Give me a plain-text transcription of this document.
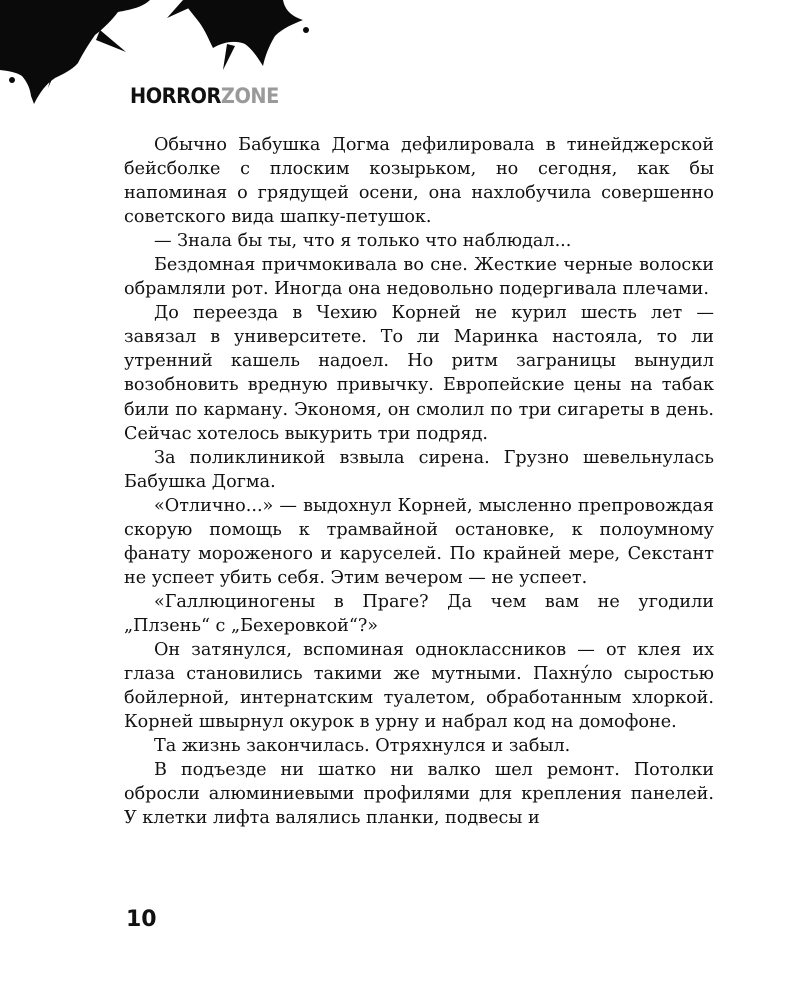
HORRORZONE

Обычно Бабушка Догма дефилировала в тинейджерской бейсболке с плоским козырьком, но сегодня, как бы напоминая о грядущей осени, она нахлобучила совершенно советского вида шапку-петушок.

— Знала бы ты, что я только что наблюдал...

Бездомная причмокивала во сне. Жесткие черные волоски обрамляли рот. Иногда она недовольно подергивала плечами.

До переезда в Чехию Корней не курил шесть лет — завязал в университете. То ли Маринка настояла, то ли утренний кашель надоел. Но ритм заграницы вынудил возобновить вредную привычку. Европейские цены на табак били по карману. Экономя, он смолил по три сигареты в день. Сейчас хотелось выкурить три подряд.

За поликлиникой взвыла сирена. Грузно шевельнулась Бабушка Догма.

«Отлично...» — выдохнул Корней, мысленно препровождая скорую помощь к трамвайной остановке, к полоумному фанату мороженого и каруселей. По крайней мере, Секстант не успеет убить себя. Этим вечером — не успеет.

«Галлюциногены в Праге? Да чем вам не угодили „Плзень“ с „Бехеровкой“?»

Он затянулся, вспоминая одноклассников — от клея их глаза становились такими же мутными. Пахну́ло сыростью бойлерной, интернатским туалетом, обработанным хлоркой. Корней швырнул окурок в урну и набрал код на домофоне.

Та жизнь закончилась. Отряхнулся и забыл.

В подъезде ни шатко ни валко шел ремонт. Потолки обросли алюминиевыми профилями для крепления панелей. У клетки лифта валялись планки, подвесы и

10
